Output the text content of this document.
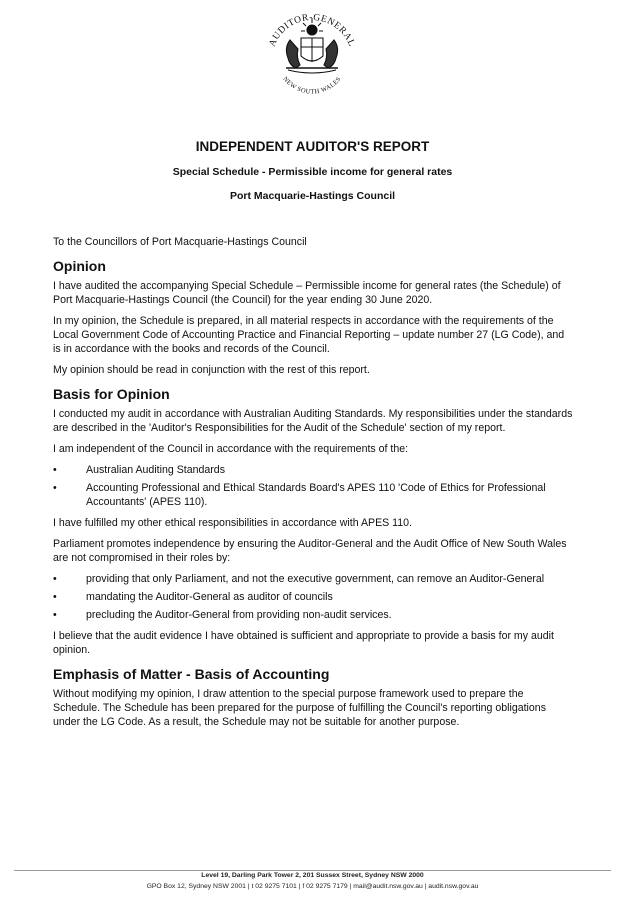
AUDITOR-GENERAL
NEW SOUTH WALES
INDEPENDENT AUDITOR'S REPORT
Special Schedule - Permissible income for general rates
Port Macquarie-Hastings Council

To the Councillors of Port Macquarie-Hastings Council

Opinion

I have audited the accompanying Special Schedule – Permissible income for general rates (the Schedule) of Port Macquarie-Hastings Council (the Council) for the year ending 30 June 2020.

In my opinion, the Schedule is prepared, in all material respects in accordance with the requirements of the Local Government Code of Accounting Practice and Financial Reporting – update number 27 (LG Code), and is in accordance with the books and records of the Council.

My opinion should be read in conjunction with the rest of this report.

Basis for Opinion

I conducted my audit in accordance with Australian Auditing Standards. My responsibilities under the standards are described in the 'Auditor's Responsibilities for the Audit of the Schedule' section of my report.

I am independent of the Council in accordance with the requirements of the:

•	Australian Auditing Standards
•	Accounting Professional and Ethical Standards Board's APES 110 'Code of Ethics for Professional Accountants' (APES 110).

I have fulfilled my other ethical responsibilities in accordance with APES 110.

Parliament promotes independence by ensuring the Auditor-General and the Audit Office of New South Wales are not compromised in their roles by:

•	providing that only Parliament, and not the executive government, can remove an Auditor-General
•	mandating the Auditor-General as auditor of councils
•	precluding the Auditor-General from providing non-audit services.

I believe that the audit evidence I have obtained is sufficient and appropriate to provide a basis for my audit opinion.

Emphasis of Matter - Basis of Accounting

Without modifying my opinion, I draw attention to the special purpose framework used to prepare the Schedule. The Schedule has been prepared for the purpose of fulfilling the Council's reporting obligations under the LG Code. As a result, the Schedule may not be suitable for another purpose.

Level 19, Darling Park Tower 2, 201 Sussex Street, Sydney NSW 2000
GPO Box 12, Sydney NSW 2001 | t 02 9275 7101 | f 02 9275 7179 | mail@audit.nsw.gov.au | audit.nsw.gov.au
